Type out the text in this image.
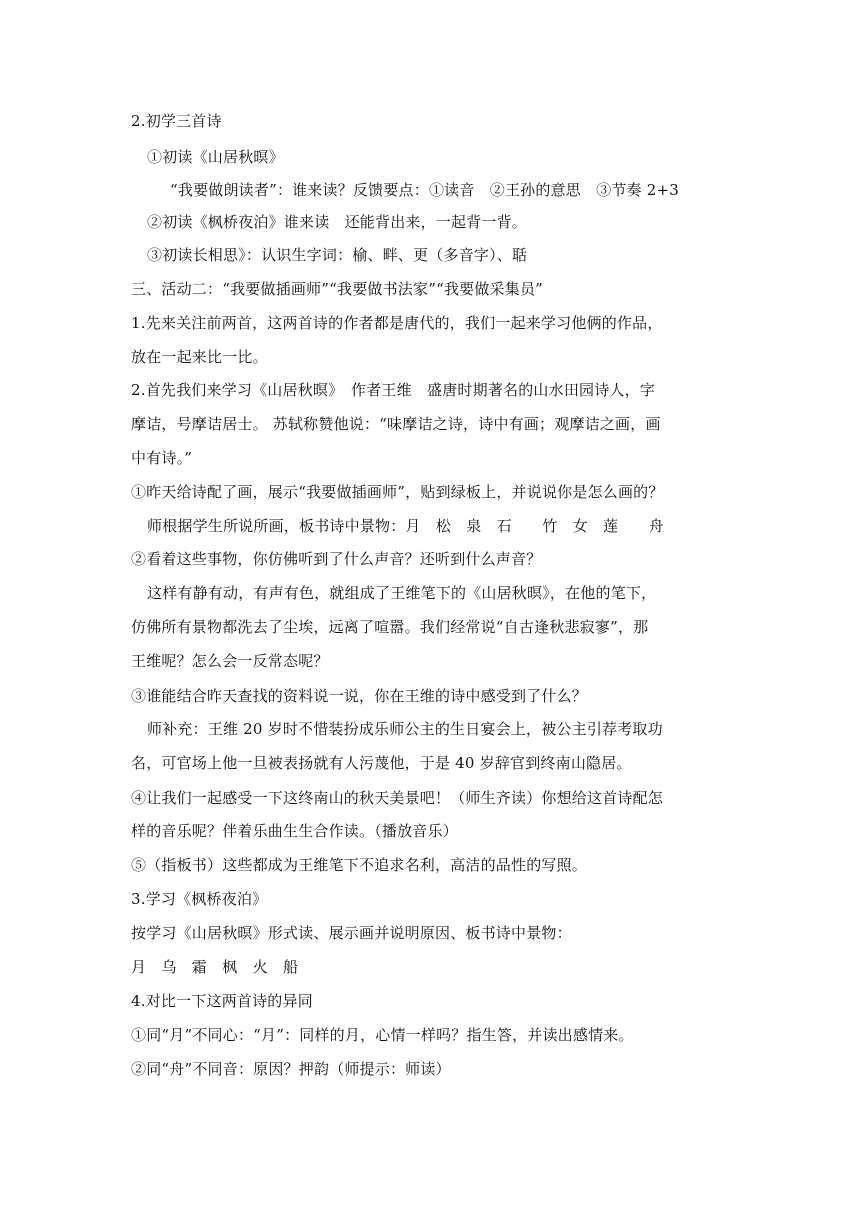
2.初学三首诗
①初读《山居秋暝》
“我要做朗读者”：谁来读？反馈要点：①读音　②王孙的意思　③节奏 2+3
②初读《枫桥夜泊》谁来读　还能背出来，一起背一背。
③初读长相思》：认识生字词：榆、畔、更（多音字）、聒
三、活动二：“我要做插画师”“我要做书法家”“我要做采集员”
1.先来关注前两首，这两首诗的作者都是唐代的，我们一起来学习他俩的作品，
放在一起来比一比。
2.首先我们来学习《山居秋暝》　作者王维　盛唐时期著名的山水田园诗人，字
摩诘，号摩诘居士。 苏轼称赞他说：“味摩诘之诗，诗中有画；观摩诘之画，画
中有诗。”
①昨天给诗配了画，展示“我要做插画师”，贴到绿板上，并说说你是怎么画的？
师根据学生所说所画，板书诗中景物：月　松　泉　石　　竹　女　莲　　舟
②看着这些事物，你仿佛听到了什么声音？还听到什么声音？
这样有静有动，有声有色，就组成了王维笔下的《山居秋暝》，在他的笔下，
仿佛所有景物都洗去了尘埃，远离了喧嚣。我们经常说“自古逢秋悲寂寥”，那
王维呢？怎么会一反常态呢？
③谁能结合昨天查找的资料说一说，你在王维的诗中感受到了什么？
师补充：王维 20 岁时不惜装扮成乐师公主的生日宴会上，被公主引荐考取功
名，可官场上他一旦被表扬就有人污蔑他，于是 40 岁辞官到终南山隐居。
④让我们一起感受一下这终南山的秋天美景吧！（师生齐读）你想给这首诗配怎
样的音乐呢？伴着乐曲生生合作读。（播放音乐）
⑤（指板书）这些都成为王维笔下不追求名利，高洁的品性的写照。
3.学习《枫桥夜泊》
按学习《山居秋暝》形式读、展示画并说明原因、板书诗中景物：
月　乌　霜　枫　火　船
4.对比一下这两首诗的异同
①同“月”不同心：“月”：同样的月，心情一样吗？指生答，并读出感情来。
②同“舟”不同音：原因？押韵（师提示：师读）
